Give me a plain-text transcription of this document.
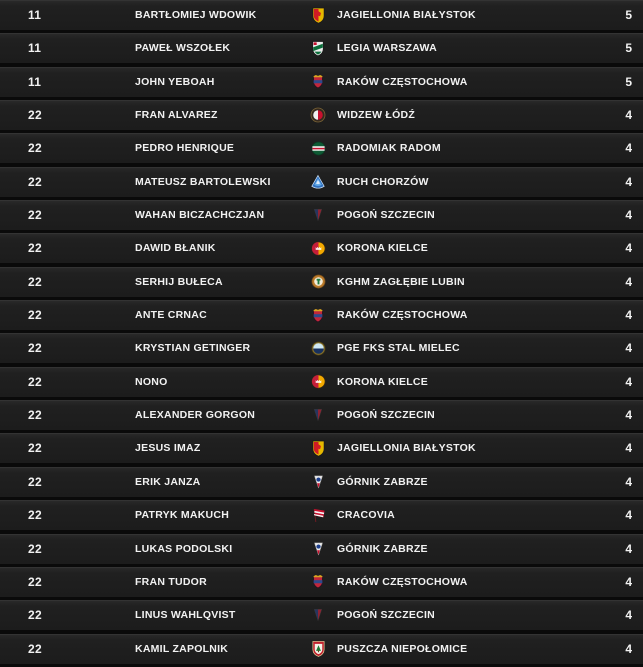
11	BARTŁOMIEJ WDOWIK	JAGIELLONIA BIAŁYSTOK	5
11	PAWEŁ WSZOŁEK	LEGIA WARSZAWA	5
11	JOHN YEBOAH	RAKÓW CZĘSTOCHOWA	5
22	FRAN ALVAREZ	WIDZEW ŁÓDŹ	4
22	PEDRO HENRIQUE	RADOMIAK RADOM	4
22	MATEUSZ BARTOLEWSKI	RUCH CHORZÓW	4
22	WAHAN BICZACHCZJAN	POGOŃ SZCZECIN	4
22	DAWID BŁANIK	KORONA KIELCE	4
22	SERHIJ BUŁECA	KGHM ZAGŁĘBIE LUBIN	4
22	ANTE CRNAC	RAKÓW CZĘSTOCHOWA	4
22	KRYSTIAN GETINGER	PGE FKS STAL MIELEC	4
22	NONO	KORONA KIELCE	4
22	ALEXANDER GORGON	POGOŃ SZCZECIN	4
22	JESUS IMAZ	JAGIELLONIA BIAŁYSTOK	4
22	ERIK JANZA	GÓRNIK ZABRZE	4
22	PATRYK MAKUCH	CRACOVIA	4
22	LUKAS PODOLSKI	GÓRNIK ZABRZE	4
22	FRAN TUDOR	RAKÓW CZĘSTOCHOWA	4
22	LINUS WAHLQVIST	POGOŃ SZCZECIN	4
22	KAMIL ZAPOLNIK	PUSZCZA NIEPOŁOMICE	4
